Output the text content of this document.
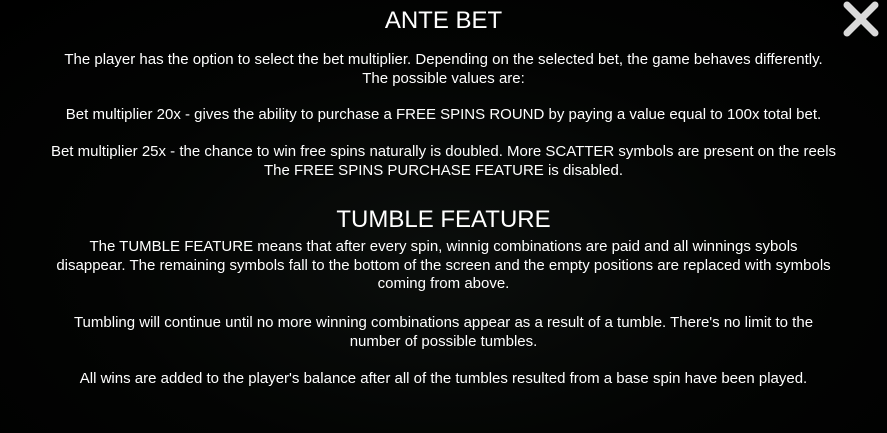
ANTE BET

The player has the option to select the bet multiplier. Depending on the selected bet, the game behaves differently.
The possible values are:

Bet multiplier 20x - gives the ability to purchase a FREE SPINS ROUND by paying a value equal to 100x total bet.

Bet multiplier 25x - the chance to win free spins naturally is doubled. More SCATTER symbols are present on the reels
The FREE SPINS PURCHASE FEATURE is disabled.

TUMBLE FEATURE

The TUMBLE FEATURE means that after every spin, winnig combinations are paid and all winnings sybols
disappear. The remaining symbols fall to the bottom of the screen and the empty positions are replaced with symbols
coming from above.

Tumbling will continue until no more winning combinations appear as a result of a tumble. There's no limit to the
number of possible tumbles.

All wins are added to the player's balance after all of the tumbles resulted from a base spin have been played.
